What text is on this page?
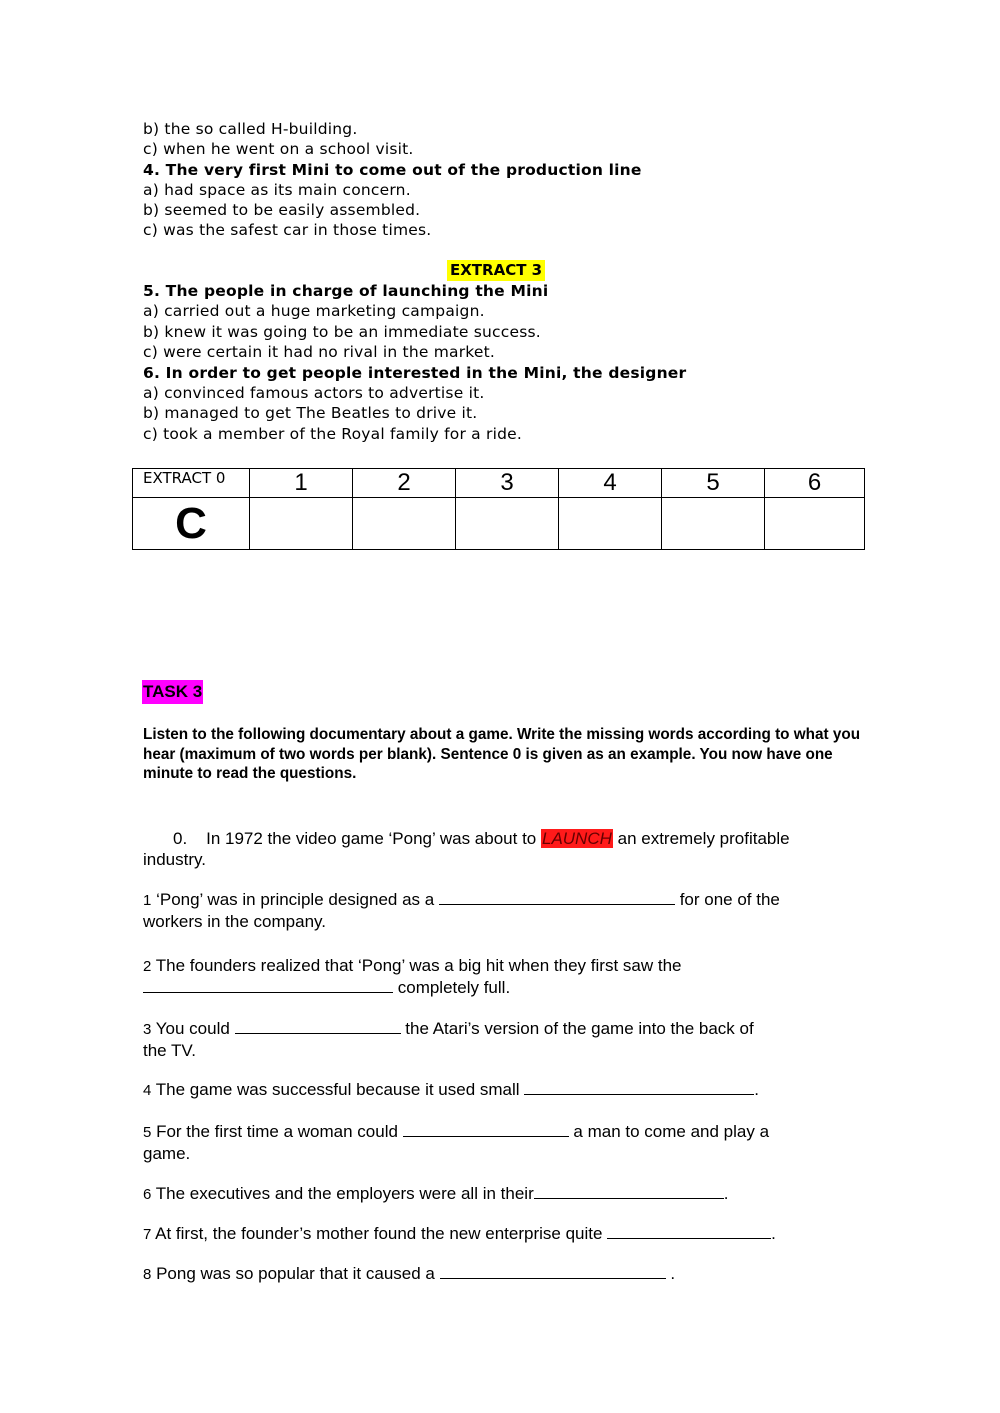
b) the so called H-building.
c) when he went on a school visit.
4. The very first Mini to come out of the production line
a) had space as its main concern.
b) seemed to be easily assembled.
c) was the safest car in those times.
EXTRACT 3
5. The people in charge of launching the Mini
a) carried out a huge marketing campaign.
b) knew it was going to be an immediate success.
c) were certain it had no rival in the market.
6. In order to get people interested in the Mini, the designer
a) convinced famous actors to advertise it.
b) managed to get The Beatles to drive it.
c) took a member of the Royal family for a ride.
EXTRACT 0	1	2	3	4	5	6
C						
TASK 3
Listen to the following documentary about a game. Write the missing words according to what you hear (maximum of two words per blank). Sentence 0 is given as an example. You now have one minute to read the questions.
0. In 1972 the video game ‘Pong’ was about to LAUNCH an extremely profitable
industry.
1 ‘Pong’ was in principle designed as a	for one of the
workers in the company.
2 The founders realized that ‘Pong’ was a big hit when they first saw the
completely full.
3 You could	the Atari’s version of the game into the back of
the TV.
4 The game was successful because it used small	.
5 For the first time a woman could	a man to come and play a
game.
6 The executives and the employers were all in their	.
7 At first, the founder’s mother found the new enterprise quite	.
8 Pong was so popular that it caused a	.
